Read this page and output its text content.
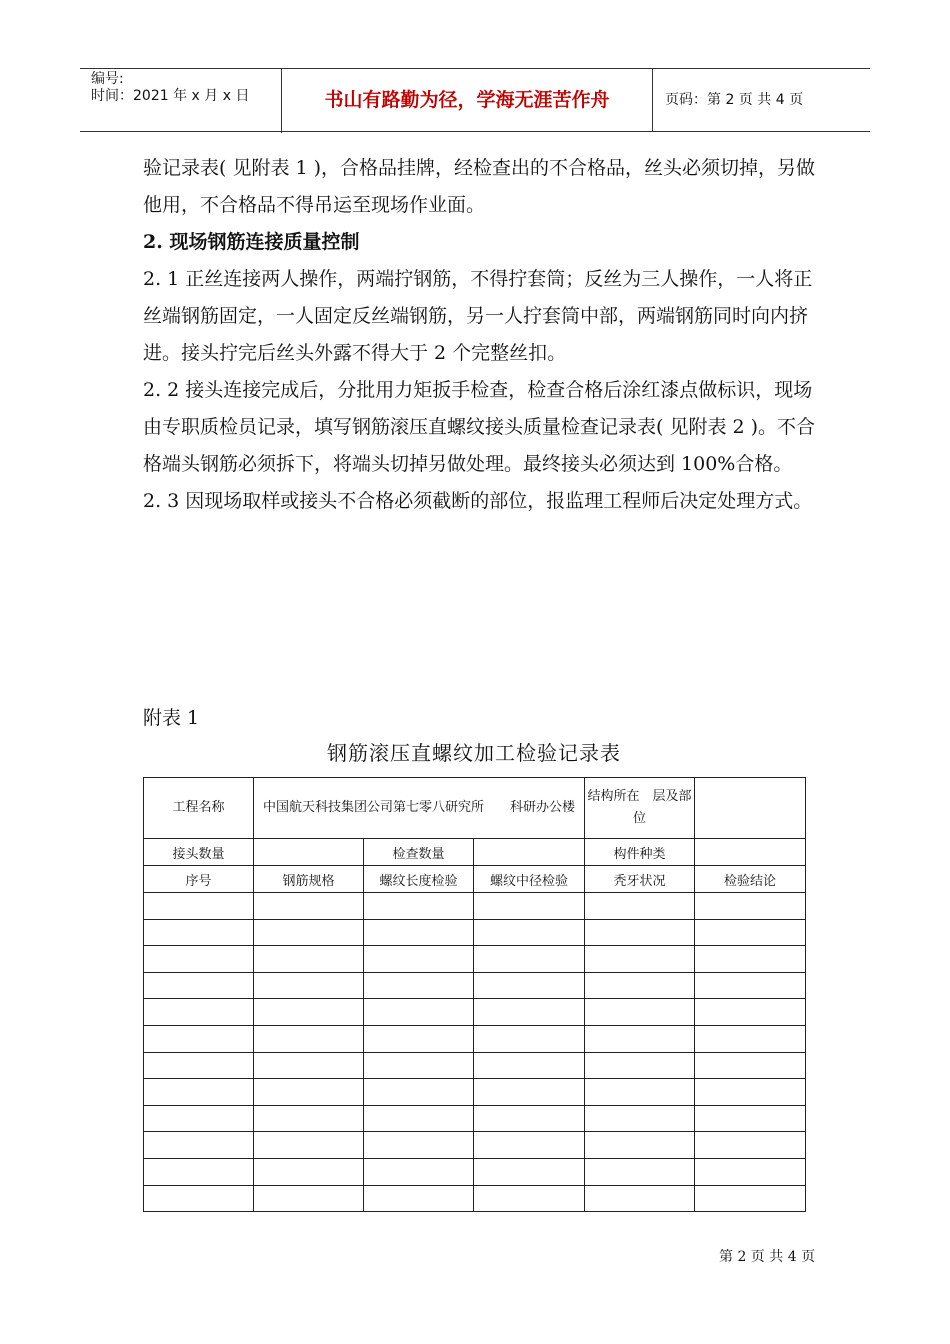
编号:
时间：2021 年 x 月 x 日	书山有路勤为径，学海无涯苦作舟	页码：第 2 页 共 4 页

验记录表( 见附表 1 )，合格品挂牌，经检查出的不合格品，丝头必须切掉，另做他用，不合格品不得吊运至现场作业面。

2. 现场钢筋连接质量控制

2. 1 正丝连接两人操作，两端拧钢筋，不得拧套筒；反丝为三人操作，一人将正丝端钢筋固定，一人固定反丝端钢筋，另一人拧套筒中部，两端钢筋同时向内挤进。接头拧完后丝头外露不得大于 2 个完整丝扣。

2. 2 接头连接完成后，分批用力矩扳手检查，检查合格后涂红漆点做标识，现场由专职质检员记录，填写钢筋滚压直螺纹接头质量检查记录表( 见附表 2 )。不合格端头钢筋必须拆下，将端头切掉另做处理。最终接头必须达到 100%合格。

2. 3 因现场取样或接头不合格必须截断的部位，报监理工程师后决定处理方式。

附表 1
钢筋滚压直螺纹加工检验记录表
工程名称	中国航天科技集团公司第七零八研究所　　科研办公楼			结构所在　层及部位	
接头数量		检查数量		构件种类	
序号	钢筋规格	螺纹长度检验	螺纹中径检验	秃牙状况	检验结论

第 2 页 共 4 页
